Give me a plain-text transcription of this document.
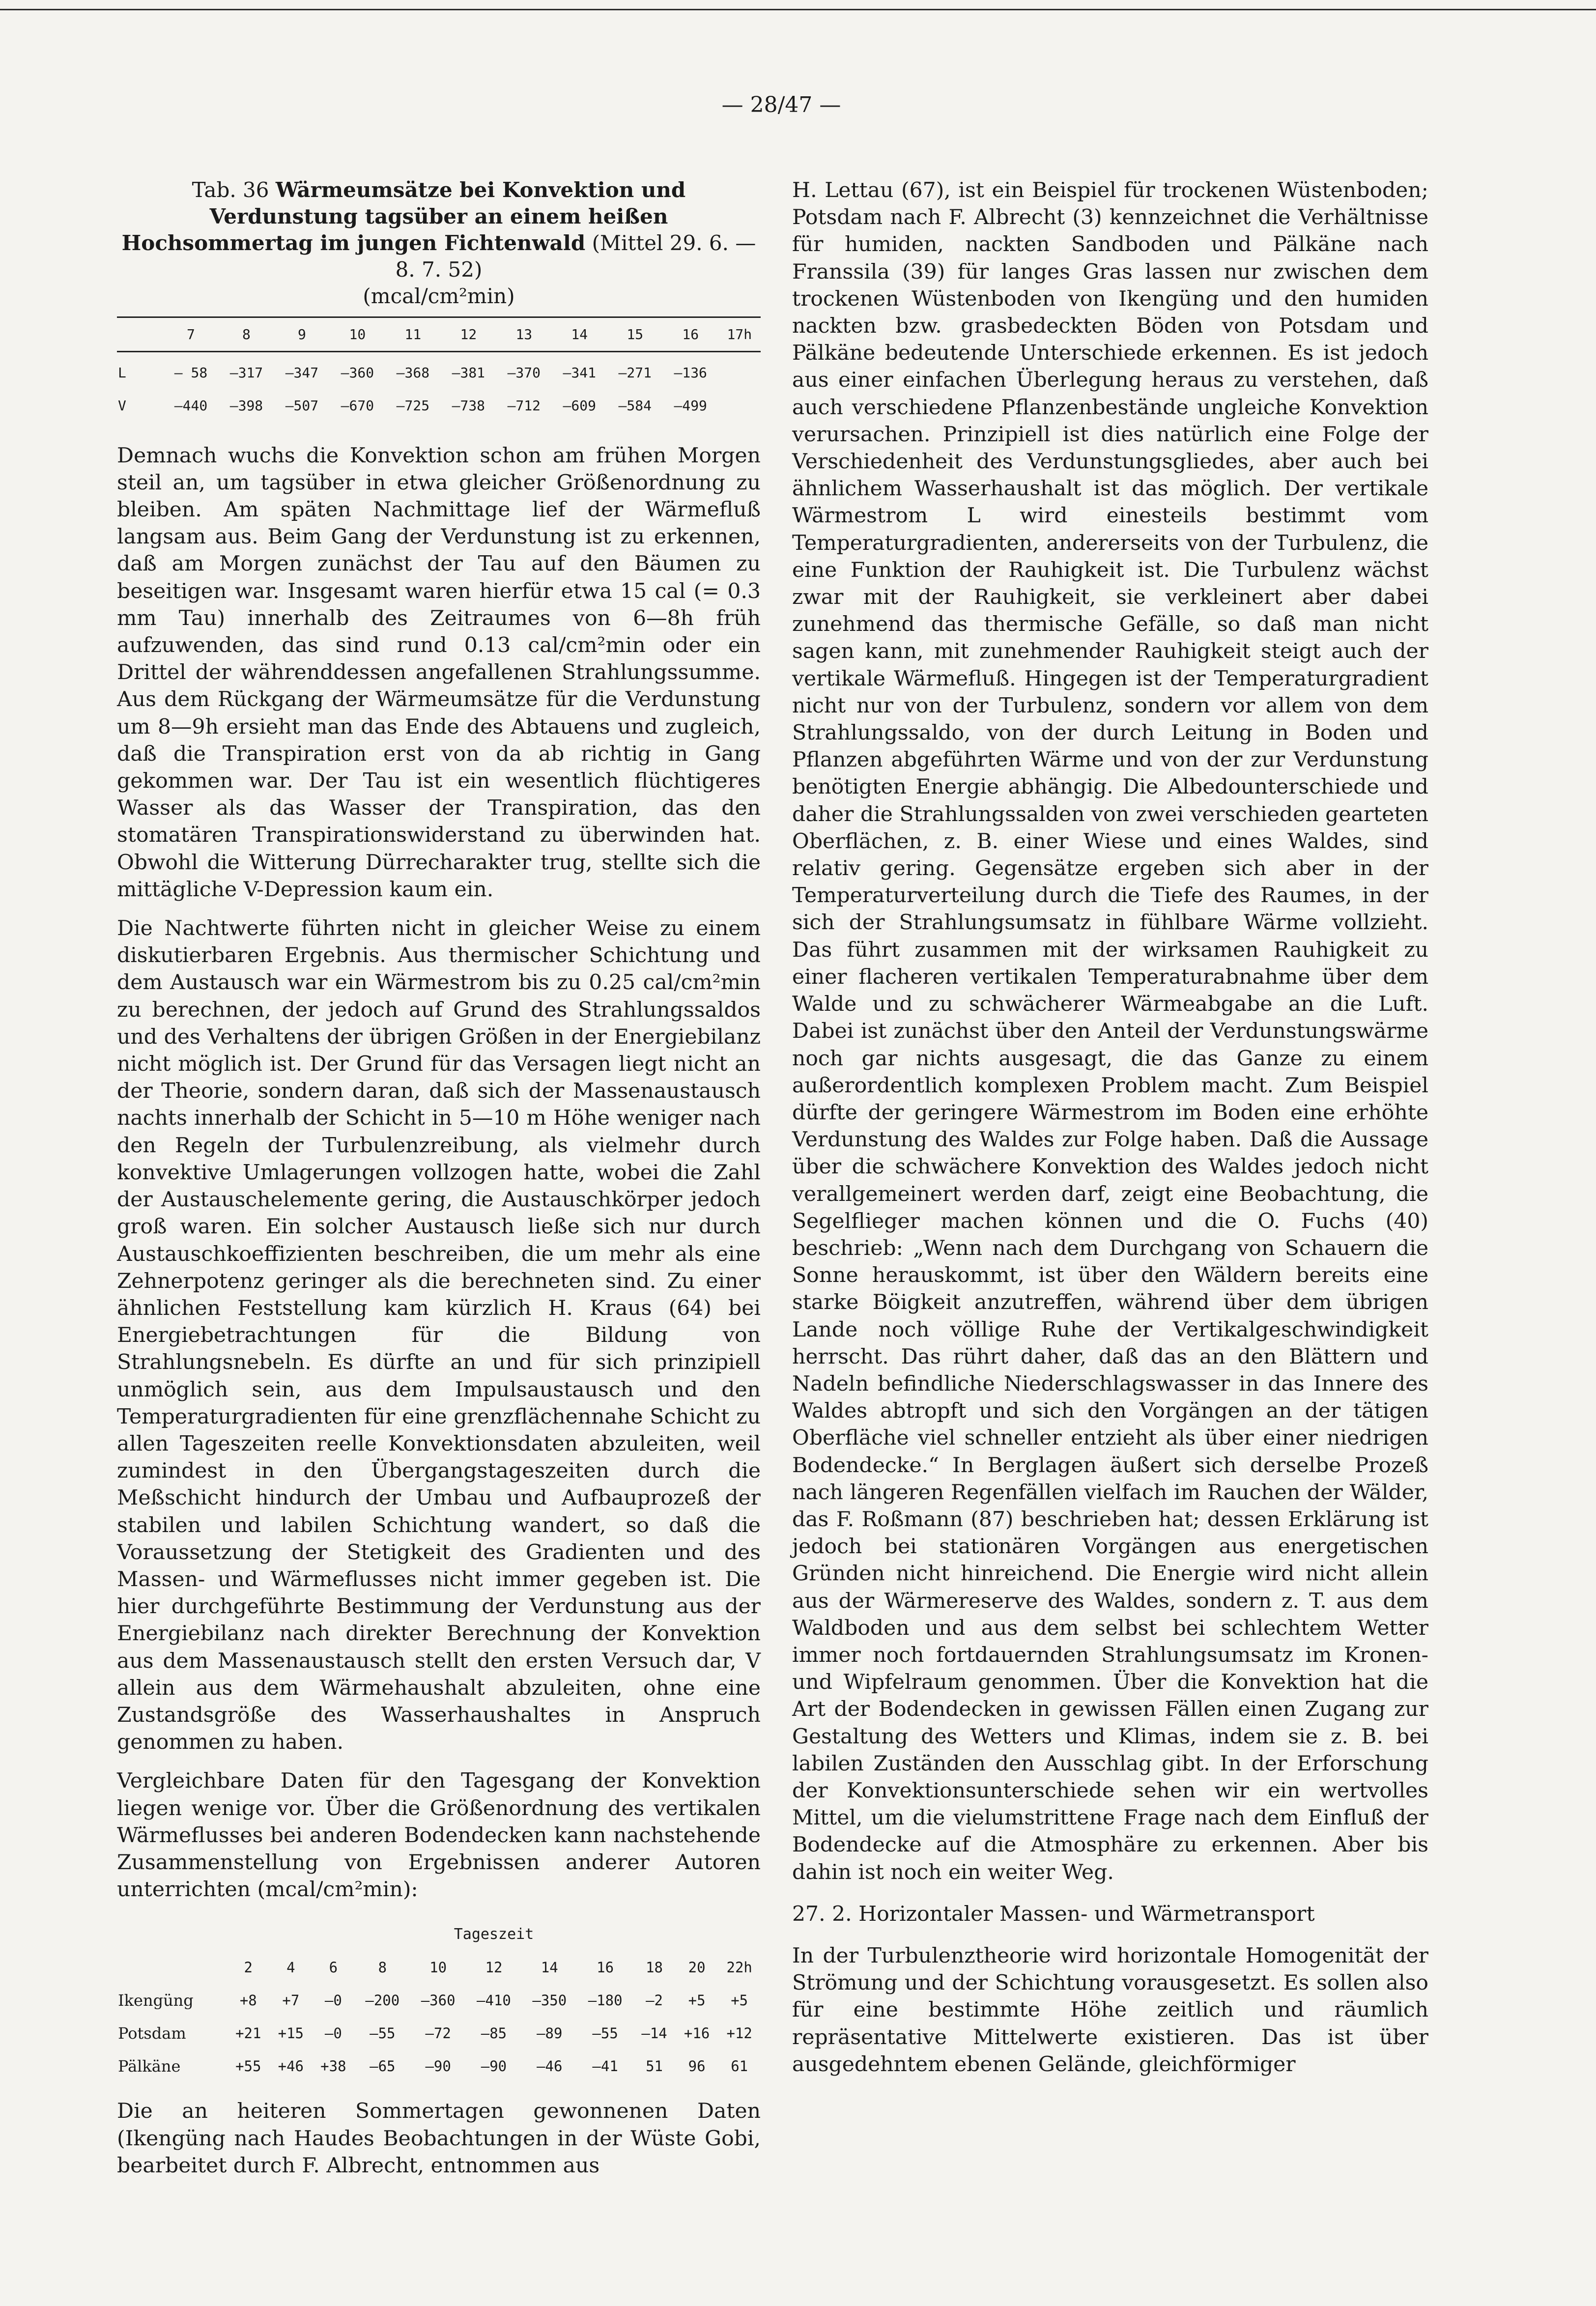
— 28/47 —
Tab. 36 Wärmeumsätze bei Konvektion und Verdunstung tagsüber an einem heißen Hochsommertag im jungen Fichtenwald (Mittel 29. 6. — 8. 7. 52)
(mcal/cm²min)
	7	8	9	10	11	12	13	14	15	16	17h
L	— 58	—317	—347	—360	—368	—381	—370	—341	—271	—136	
V	—440	—398	—507	—670	—725	—738	—712	—609	—584	—499	

Demnach wuchs die Konvektion schon am frühen Morgen steil an, um tagsüber in etwa gleicher Größenordnung zu bleiben. Am späten Nachmittage lief der Wärmefluß langsam aus. Beim Gang der Verdunstung ist zu erkennen, daß am Morgen zunächst der Tau auf den Bäumen zu beseitigen war. Insgesamt waren hierfür etwa 15 cal (= 0.3 mm Tau) innerhalb des Zeitraumes von 6—8h früh aufzuwenden, das sind rund 0.13 cal/cm²min oder ein Drittel der währenddessen angefallenen Strahlungssumme. Aus dem Rückgang der Wärmeumsätze für die Verdunstung um 8—9h ersieht man das Ende des Abtauens und zugleich, daß die Transpiration erst von da ab richtig in Gang gekommen war. Der Tau ist ein wesentlich flüchtigeres Wasser als das Wasser der Transpiration, das den stomatären Transpirationswiderstand zu überwinden hat. Obwohl die Witterung Dürrecharakter trug, stellte sich die mittägliche V-Depression kaum ein.

Die Nachtwerte führten nicht in gleicher Weise zu einem diskutierbaren Ergebnis. Aus thermischer Schichtung und dem Austausch war ein Wärmestrom bis zu 0.25 cal/cm²min zu berechnen, der jedoch auf Grund des Strahlungssaldos und des Verhaltens der übrigen Größen in der Energiebilanz nicht möglich ist. Der Grund für das Versagen liegt nicht an der Theorie, sondern daran, daß sich der Massenaustausch nachts innerhalb der Schicht in 5—10 m Höhe weniger nach den Regeln der Turbulenzreibung, als vielmehr durch konvektive Umlagerungen vollzogen hatte, wobei die Zahl der Austauschelemente gering, die Austauschkörper jedoch groß waren. Ein solcher Austausch ließe sich nur durch Austauschkoeffizienten beschreiben, die um mehr als eine Zehnerpotenz geringer als die berechneten sind. Zu einer ähnlichen Feststellung kam kürzlich H. Kraus (64) bei Energiebetrachtungen für die Bildung von Strahlungsnebeln. Es dürfte an und für sich prinzipiell unmöglich sein, aus dem Impulsaustausch und den Temperaturgradienten für eine grenzflächennahe Schicht zu allen Tageszeiten reelle Konvektionsdaten abzuleiten, weil zumindest in den Übergangstageszeiten durch die Meßschicht hindurch der Umbau und Aufbauprozeß der stabilen und labilen Schichtung wandert, so daß die Voraussetzung der Stetigkeit des Gradienten und des Massen- und Wärmeflusses nicht immer gegeben ist. Die hier durchgeführte Bestimmung der Verdunstung aus der Energiebilanz nach direkter Berechnung der Konvektion aus dem Massenaustausch stellt den ersten Versuch dar, V allein aus dem Wärmehaushalt abzuleiten, ohne eine Zustandsgröße des Wasserhaushaltes in Anspruch genommen zu haben.

Vergleichbare Daten für den Tagesgang der Konvektion liegen wenige vor. Über die Größenordnung des vertikalen Wärmeflusses bei anderen Bodendecken kann nachstehende Zusammenstellung von Ergebnissen anderer Autoren unterrichten (mcal/cm²min):

	Tageszeit										
	2	4	6	8	10	12	14	16	18	20	22h
Ikengüng	+8	+7	—0	—200	—360	—410	—350	—180	—2	+5	+5
Potsdam	+21	+15	—0	—55	—72	—85	—89	—55	—14	+16	+12
Pälkäne	+55	+46	+38	—65	—90	—90	—46	—41	51	96	61

Die an heiteren Sommertagen gewonnenen Daten (Ikengüng nach Haudes Beobachtungen in der Wüste Gobi, bearbeitet durch F. Albrecht, entnommen aus

H. Lettau (67), ist ein Beispiel für trockenen Wüstenboden; Potsdam nach F. Albrecht (3) kennzeichnet die Verhältnisse für humiden, nackten Sandboden und Pälkäne nach Franssila (39) für langes Gras lassen nur zwischen dem trockenen Wüstenboden von Ikengüng und den humiden nackten bzw. grasbedeckten Böden von Potsdam und Pälkäne bedeutende Unterschiede erkennen. Es ist jedoch aus einer einfachen Überlegung heraus zu verstehen, daß auch verschiedene Pflanzenbestände ungleiche Konvektion verursachen. Prinzipiell ist dies natürlich eine Folge der Verschiedenheit des Verdunstungsgliedes, aber auch bei ähnlichem Wasserhaushalt ist das möglich. Der vertikale Wärmestrom L wird einesteils bestimmt vom Temperaturgradienten, andererseits von der Turbulenz, die eine Funktion der Rauhigkeit ist. Die Turbulenz wächst zwar mit der Rauhigkeit, sie verkleinert aber dabei zunehmend das thermische Gefälle, so daß man nicht sagen kann, mit zunehmender Rauhigkeit steigt auch der vertikale Wärmefluß. Hingegen ist der Temperaturgradient nicht nur von der Turbulenz, sondern vor allem von dem Strahlungssaldo, von der durch Leitung in Boden und Pflanzen abgeführten Wärme und von der zur Verdunstung benötigten Energie abhängig. Die Albedounterschiede und daher die Strahlungssalden von zwei verschieden gearteten Oberflächen, z. B. einer Wiese und eines Waldes, sind relativ gering. Gegensätze ergeben sich aber in der Temperaturverteilung durch die Tiefe des Raumes, in der sich der Strahlungsumsatz in fühlbare Wärme vollzieht. Das führt zusammen mit der wirksamen Rauhigkeit zu einer flacheren vertikalen Temperaturabnahme über dem Walde und zu schwächerer Wärmeabgabe an die Luft. Dabei ist zunächst über den Anteil der Verdunstungswärme noch gar nichts ausgesagt, die das Ganze zu einem außerordentlich komplexen Problem macht. Zum Beispiel dürfte der geringere Wärmestrom im Boden eine erhöhte Verdunstung des Waldes zur Folge haben. Daß die Aussage über die schwächere Konvektion des Waldes jedoch nicht verallgemeinert werden darf, zeigt eine Beobachtung, die Segelflieger machen können und die O. Fuchs (40) beschrieb: „Wenn nach dem Durchgang von Schauern die Sonne herauskommt, ist über den Wäldern bereits eine starke Böigkeit anzutreffen, während über dem übrigen Lande noch völlige Ruhe der Vertikalgeschwindigkeit herrscht. Das rührt daher, daß das an den Blättern und Nadeln befindliche Niederschlagswasser in das Innere des Waldes abtropft und sich den Vorgängen an der tätigen Oberfläche viel schneller entzieht als über einer niedrigen Bodendecke.“ In Berglagen äußert sich derselbe Prozeß nach längeren Regenfällen vielfach im Rauchen der Wälder, das F. Roßmann (87) beschrieben hat; dessen Erklärung ist jedoch bei stationären Vorgängen aus energetischen Gründen nicht hinreichend. Die Energie wird nicht allein aus der Wärmereserve des Waldes, sondern z. T. aus dem Waldboden und aus dem selbst bei schlechtem Wetter immer noch fortdauernden Strahlungsumsatz im Kronen- und Wipfelraum genommen. Über die Konvektion hat die Art der Bodendecken in gewissen Fällen einen Zugang zur Gestaltung des Wetters und Klimas, indem sie z. B. bei labilen Zuständen den Ausschlag gibt. In der Erforschung der Konvektionsunterschiede sehen wir ein wertvolles Mittel, um die vielumstrittene Frage nach dem Einfluß der Bodendecke auf die Atmosphäre zu erkennen. Aber bis dahin ist noch ein weiter Weg.

27. 2. Horizontaler Massen- und Wärmetransport

In der Turbulenztheorie wird horizontale Homogenität der Strömung und der Schichtung vorausgesetzt. Es sollen also für eine bestimmte Höhe zeitlich und räumlich repräsentative Mittelwerte existieren. Das ist über ausgedehntem ebenen Gelände, gleichförmiger
